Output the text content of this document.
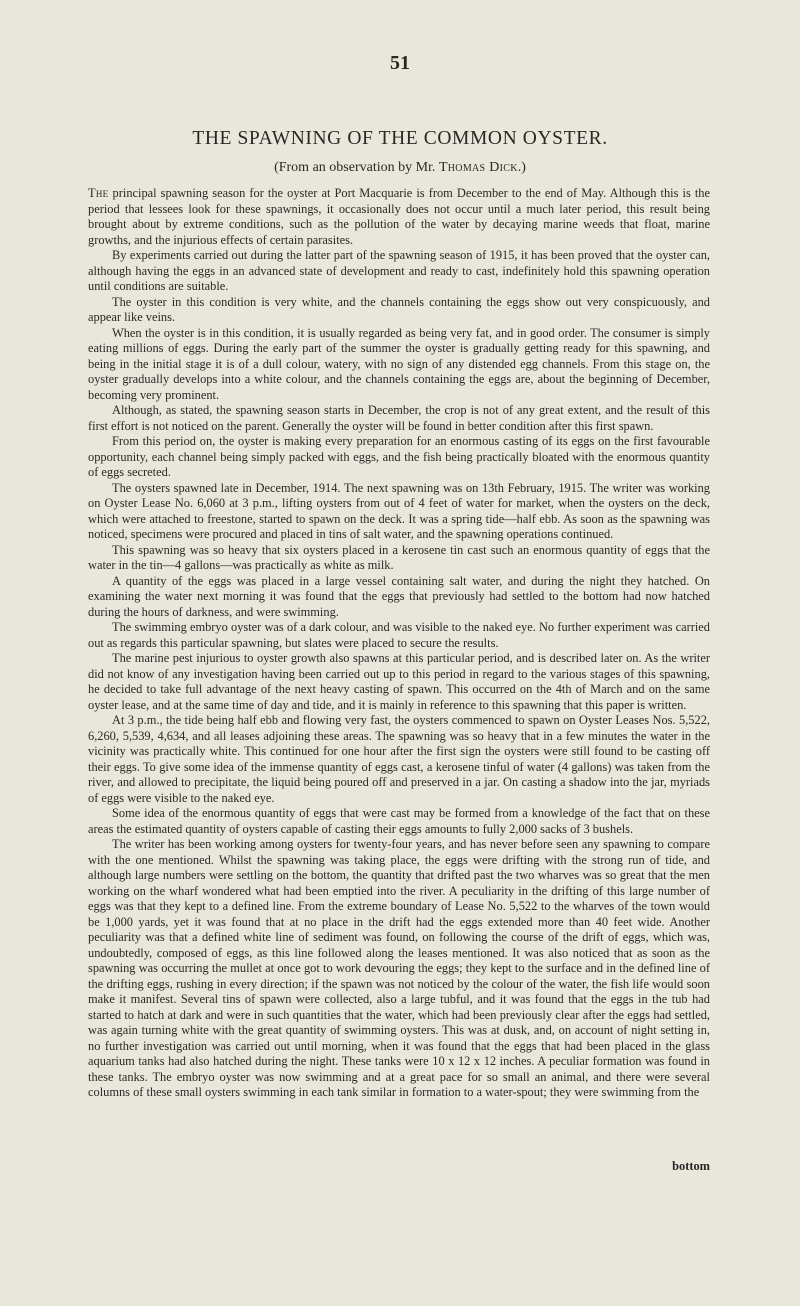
51
THE SPAWNING OF THE COMMON OYSTER.
(From an observation by Mr. Thomas Dick.)

The principal spawning season for the oyster at Port Macquarie is from December to the end of May. Although this is the period that lessees look for these spawnings, it occasionally does not occur until a much later period, this result being brought about by extreme conditions, such as the pollution of the water by decaying marine weeds that float, marine growths, and the injurious effects of certain parasites.

By experiments carried out during the latter part of the spawning season of 1915, it has been proved that the oyster can, although having the eggs in an advanced state of development and ready to cast, indefinitely hold this spawning operation until conditions are suitable.

The oyster in this condition is very white, and the channels containing the eggs show out very conspicuously, and appear like veins.

When the oyster is in this condition, it is usually regarded as being very fat, and in good order. The consumer is simply eating millions of eggs. During the early part of the summer the oyster is gradually getting ready for this spawning, and being in the initial stage it is of a dull colour, watery, with no sign of any distended egg channels. From this stage on, the oyster gradually develops into a white colour, and the channels containing the eggs are, about the beginning of December, becoming very prominent.

Although, as stated, the spawning season starts in December, the crop is not of any great extent, and the result of this first effort is not noticed on the parent. Generally the oyster will be found in better condition after this first spawn.

From this period on, the oyster is making every preparation for an enormous casting of its eggs on the first favourable opportunity, each channel being simply packed with eggs, and the fish being practically bloated with the enormous quantity of eggs secreted.

The oysters spawned late in December, 1914. The next spawning was on 13th February, 1915. The writer was working on Oyster Lease No. 6,060 at 3 p.m., lifting oysters from out of 4 feet of water for market, when the oysters on the deck, which were attached to freestone, started to spawn on the deck. It was a spring tide—half ebb. As soon as the spawning was noticed, specimens were procured and placed in tins of salt water, and the spawning operations continued.

This spawning was so heavy that six oysters placed in a kerosene tin cast such an enormous quantity of eggs that the water in the tin—4 gallons—was practically as white as milk.

A quantity of the eggs was placed in a large vessel containing salt water, and during the night they hatched. On examining the water next morning it was found that the eggs that previously had settled to the bottom had now hatched during the hours of darkness, and were swimming.

The swimming embryo oyster was of a dark colour, and was visible to the naked eye. No further experiment was carried out as regards this particular spawning, but slates were placed to secure the results.

The marine pest injurious to oyster growth also spawns at this particular period, and is described later on. As the writer did not know of any investigation having been carried out up to this period in regard to the various stages of this spawning, he decided to take full advantage of the next heavy casting of spawn. This occurred on the 4th of March and on the same oyster lease, and at the same time of day and tide, and it is mainly in reference to this spawning that this paper is written.

At 3 p.m., the tide being half ebb and flowing very fast, the oysters commenced to spawn on Oyster Leases Nos. 5,522, 6,260, 5,539, 4,634, and all leases adjoining these areas. The spawning was so heavy that in a few minutes the water in the vicinity was practically white. This continued for one hour after the first sign the oysters were still found to be casting off their eggs. To give some idea of the immense quantity of eggs cast, a kerosene tinful of water (4 gallons) was taken from the river, and allowed to precipitate, the liquid being poured off and preserved in a jar. On casting a shadow into the jar, myriads of eggs were visible to the naked eye.

Some idea of the enormous quantity of eggs that were cast may be formed from a knowledge of the fact that on these areas the estimated quantity of oysters capable of casting their eggs amounts to fully 2,000 sacks of 3 bushels.

The writer has been working among oysters for twenty-four years, and has never before seen any spawning to compare with the one mentioned. Whilst the spawning was taking place, the eggs were drifting with the strong run of tide, and although large numbers were settling on the bottom, the quantity that drifted past the two wharves was so great that the men working on the wharf wondered what had been emptied into the river. A peculiarity in the drifting of this large number of eggs was that they kept to a defined line. From the extreme boundary of Lease No. 5,522 to the wharves of the town would be 1,000 yards, yet it was found that at no place in the drift had the eggs extended more than 40 feet wide. Another peculiarity was that a defined white line of sediment was found, on following the course of the drift of eggs, which was, undoubtedly, composed of eggs, as this line followed along the leases mentioned. It was also noticed that as soon as the spawning was occurring the mullet at once got to work devouring the eggs; they kept to the surface and in the defined line of the drifting eggs, rushing in every direction; if the spawn was not noticed by the colour of the water, the fish life would soon make it manifest. Several tins of spawn were collected, also a large tubful, and it was found that the eggs in the tub had started to hatch at dark and were in such quantities that the water, which had been previously clear after the eggs had settled, was again turning white with the great quantity of swimming oysters. This was at dusk, and, on account of night setting in, no further investigation was carried out until morning, when it was found that the eggs that had been placed in the glass aquarium tanks had also hatched during the night. These tanks were 10 x 12 x 12 inches. A peculiar formation was found in these tanks. The embryo oyster was now swimming and at a great pace for so small an animal, and there were several columns of these small oysters swimming in each tank similar in formation to a water-spout; they were swimming from the

bottom
